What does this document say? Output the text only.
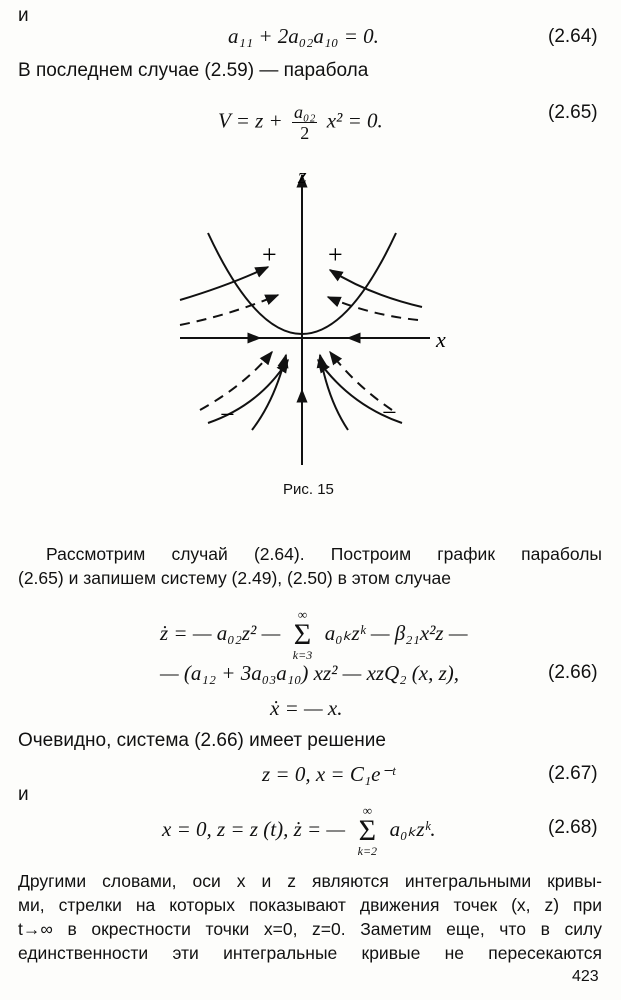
и
a₁₁ + 2a₀₂a₁₀ = 0.	(2.64)
В последнем случае (2.59) — парабола
$V = z + \frac{\text{a₀₂}}{2} x^2 = 0$.	(2.65)
z
x
+ +
−	−
Рис. 15
Рассмотрим случай (2.64). Построим график параболы
(2.65) и запишем систему (2.49), (2.50) в этом случае
ż = — a₀₂z² —
∞
Σ
k=3
a₀ₖzᵏ — β₂₁x²z —
— (a₁₂ + 3a₀₃a₁₀) xz² — xzQ₂ (x, z),	(2.66)
ẋ = — x.
Очевидно, система (2.66) имеет решение
z = 0, x = C₁e⁻ᵗ	(2.67)
и
x = 0, z = z (t), ż = —
∞
Σ
k=2
a₀ₖzᵏ.	(2.68)
Другими словами, оси x и z являются интегральными кривы-
ми, стрелки на которых показывают движения точек (x, z) при
t→∞ в окрестности точки x=0, z=0. Заметим еще, что в силу
единственности эти интегральные кривые не пересекаются
423
